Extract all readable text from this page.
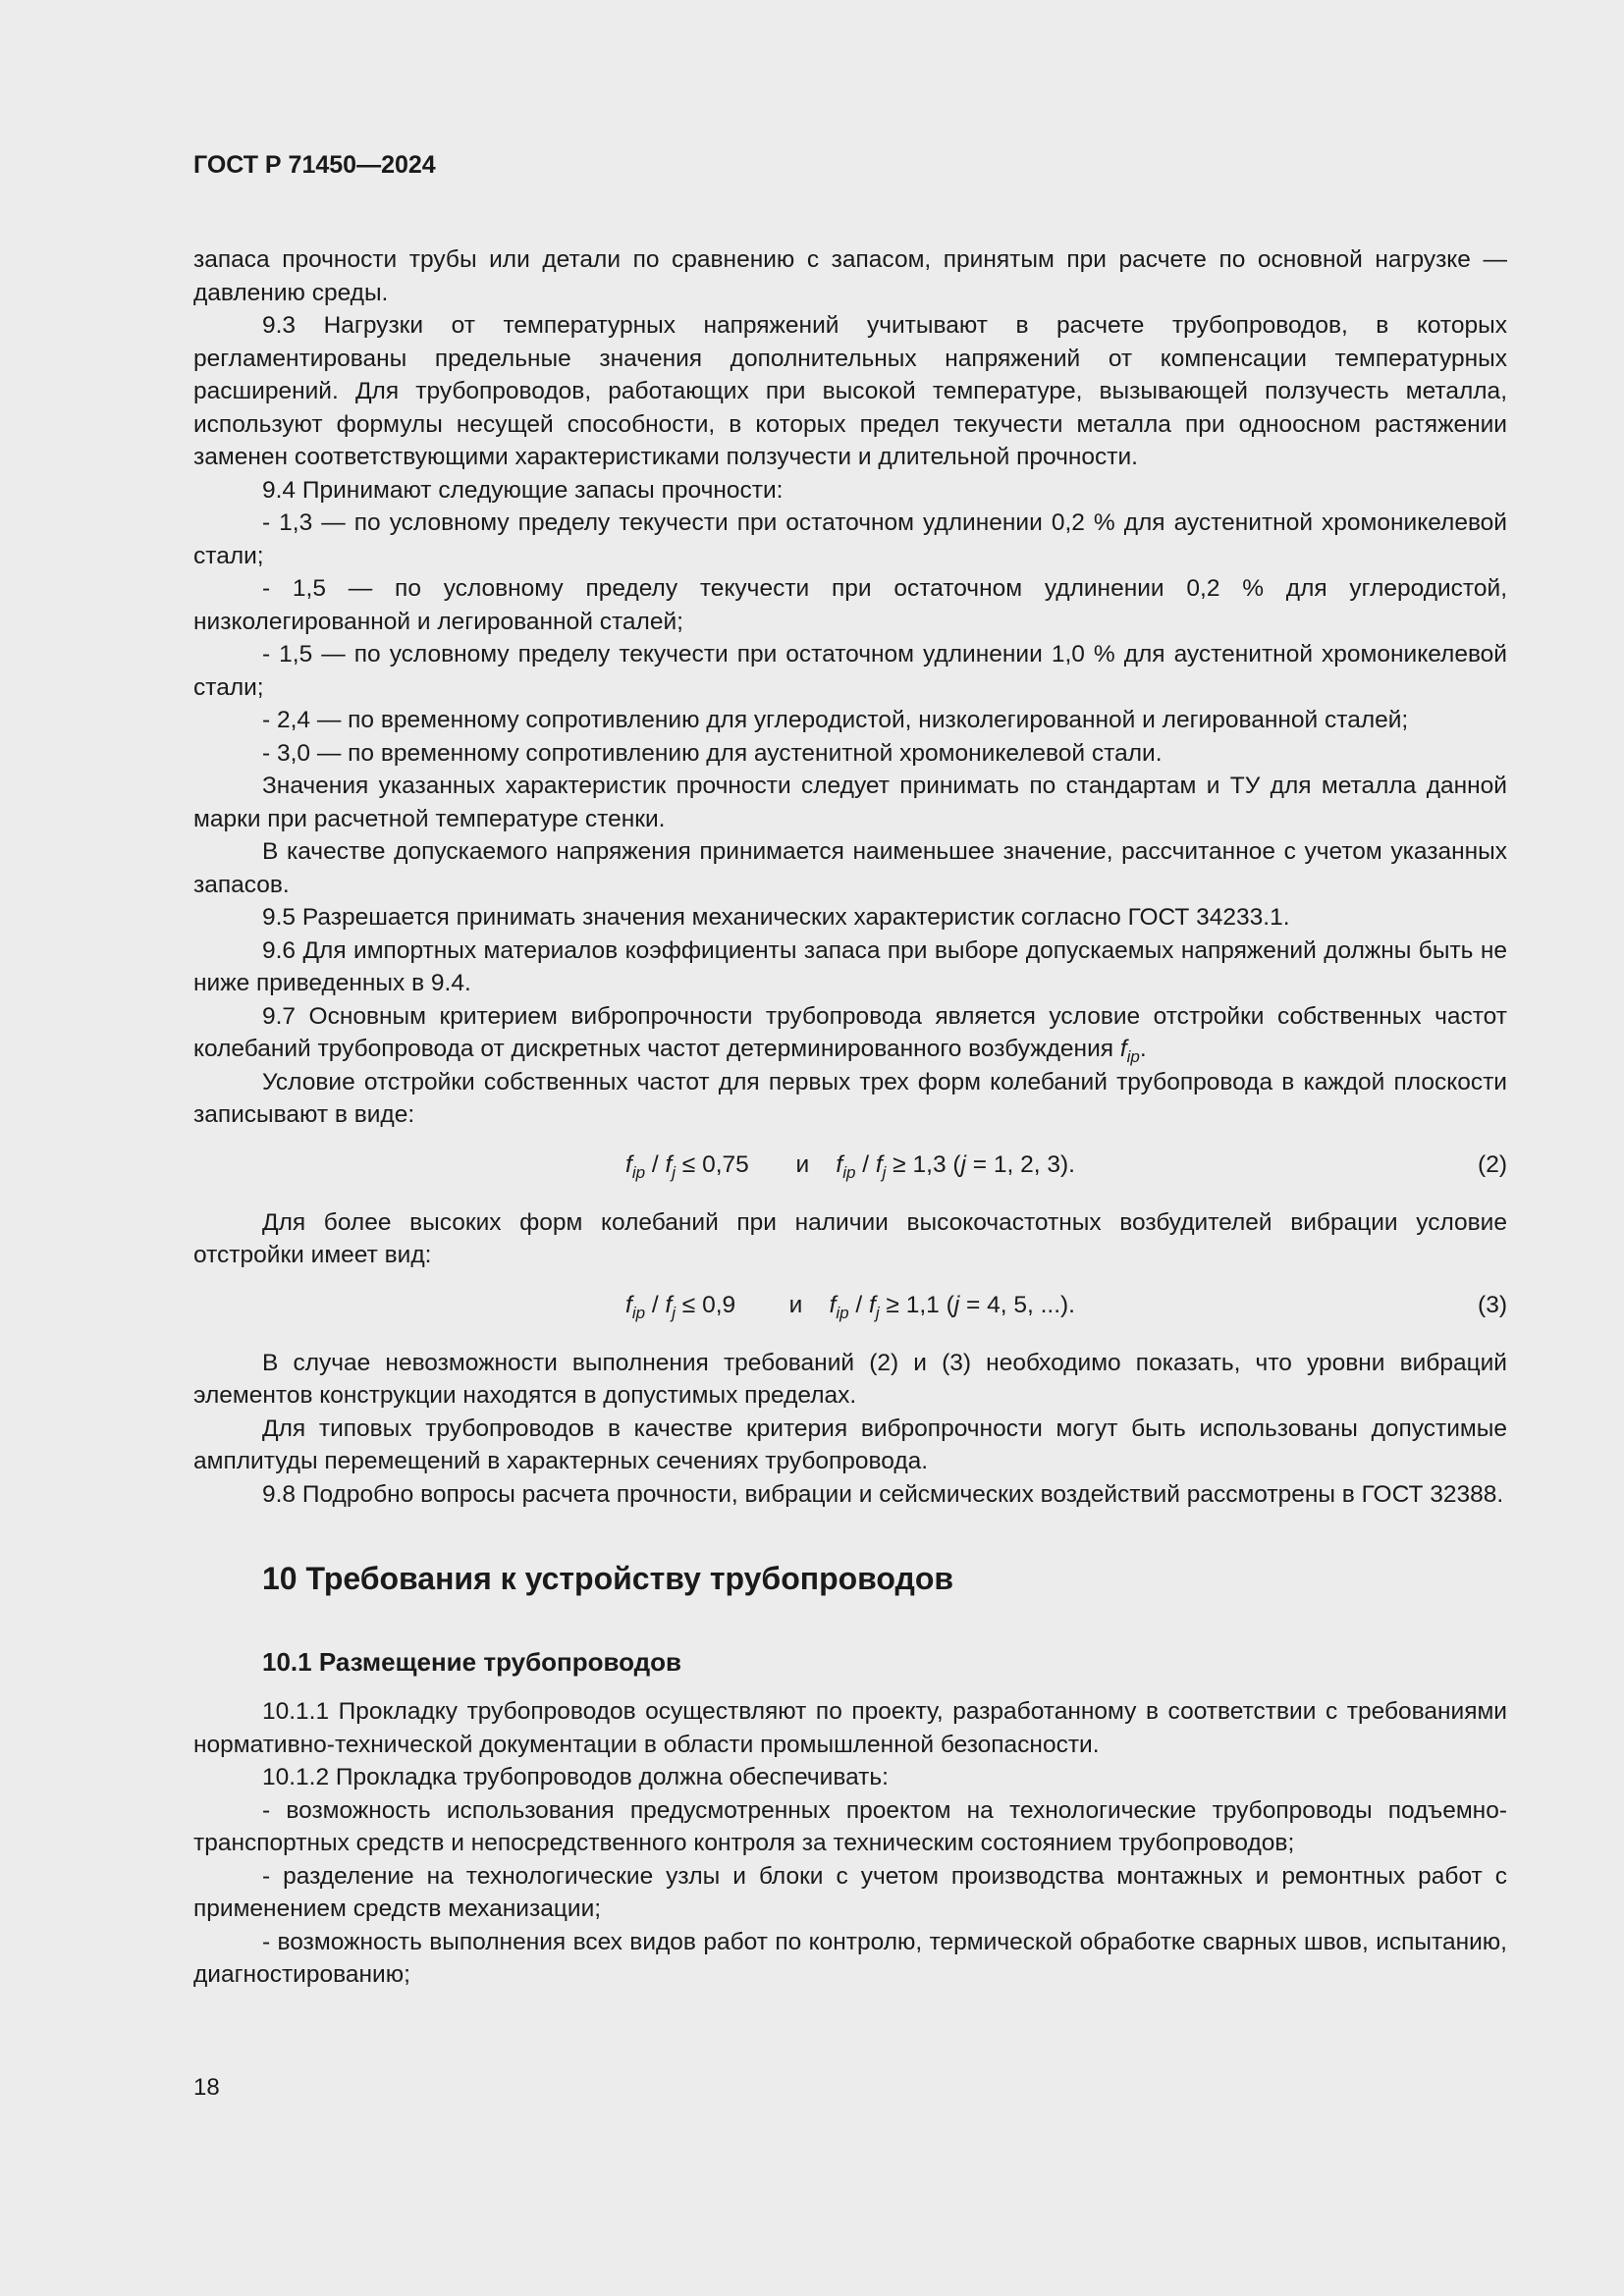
ГОСТ Р 71450—2024

запаса прочности трубы или детали по сравнению с запасом, принятым при расчете по основной нагрузке — давлению среды.

9.3 Нагрузки от температурных напряжений учитывают в расчете трубопроводов, в которых регламентированы предельные значения дополнительных напряжений от компенсации температурных расширений. Для трубопроводов, работающих при высокой температуре, вызывающей ползучесть металла, используют формулы несущей способности, в которых предел текучести металла при одноосном растяжении заменен соответствующими характеристиками ползучести и длительной прочности.

9.4 Принимают следующие запасы прочности:

- 1,3 — по условному пределу текучести при остаточном удлинении 0,2 % для аустенитной хромоникелевой стали;

- 1,5 — по условному пределу текучести при остаточном удлинении 0,2 % для углеродистой, низколегированной и легированной сталей;

- 1,5 — по условному пределу текучести при остаточном удлинении 1,0 % для аустенитной хромоникелевой стали;

- 2,4 — по временному сопротивлению для углеродистой, низколегированной и легированной сталей;

- 3,0 — по временному сопротивлению для аустенитной хромоникелевой стали.

Значения указанных характеристик прочности следует принимать по стандартам и ТУ для металла данной марки при расчетной температуре стенки.

В качестве допускаемого напряжения принимается наименьшее значение, рассчитанное с учетом указанных запасов.

9.5 Разрешается принимать значения механических характеристик согласно ГОСТ 34233.1.

9.6 Для импортных материалов коэффициенты запаса при выборе допускаемых напряжений должны быть не ниже приведенных в 9.4.

9.7 Основным критерием вибропрочности трубопровода является условие отстройки собственных частот колебаний трубопровода от дискретных частот детерминированного возбуждения $f_{ip}$.

Условие отстройки собственных частот для первых трех форм колебаний трубопровода в каждой плоскости записывают в виде:

$f_{ip} / f_j \le 0,75$ и $f_{ip} / f_j \ge 1,3$ (j = 1, 2, 3).	(2)

Для более высоких форм колебаний при наличии высокочастотных возбудителей вибрации условие отстройки имеет вид:

$f_{ip} / f_j \le 0,9$ и $f_{ip} / f_j \ge 1,1$ (j = 4, 5, ...).	(3)

В случае невозможности выполнения требований (2) и (3) необходимо показать, что уровни вибраций элементов конструкции находятся в допустимых пределах.

Для типовых трубопроводов в качестве критерия вибропрочности могут быть использованы допустимые амплитуды перемещений в характерных сечениях трубопровода.

9.8 Подробно вопросы расчета прочности, вибрации и сейсмических воздействий рассмотрены в ГОСТ 32388.

10 Требования к устройству трубопроводов
10.1 Размещение трубопроводов

10.1.1 Прокладку трубопроводов осуществляют по проекту, разработанному в соответствии с требованиями нормативно-технической документации в области промышленной безопасности.

10.1.2 Прокладка трубопроводов должна обеспечивать:

- возможность использования предусмотренных проектом на технологические трубопроводы подъемно-транспортных средств и непосредственного контроля за техническим состоянием трубопроводов;

- разделение на технологические узлы и блоки с учетом производства монтажных и ремонтных работ с применением средств механизации;

- возможность выполнения всех видов работ по контролю, термической обработке сварных швов, испытанию, диагностированию;

18
